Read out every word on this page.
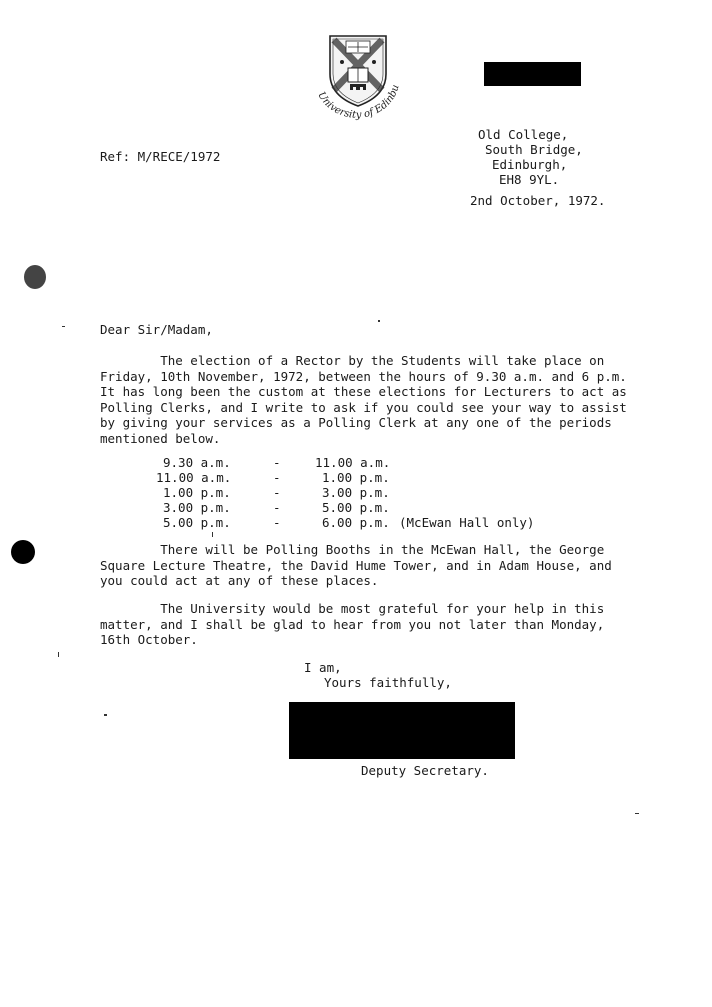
University of Edinbu
Old College,
South Bridge,
Edinburgh,
EH8 9YL.
Ref: M/RECE/1972
2nd October, 1972.
Dear Sir/Madam,
The election of a Rector by the Students will take place on
Friday, 10th November, 1972, between the hours of 9.30 a.m. and 6 p.m.
It has long been the custom at these elections for Lecturers to act as
Polling Clerks, and I write to ask if you could see your way to assist
by giving your services as a Polling Clerk at any one of the periods
mentioned below.
9.30 a.m.	-	11.00 a.m.
11.00 a.m.	-	1.00 p.m.
1.00 p.m.	-	3.00 p.m.
3.00 p.m.	-	5.00 p.m.
5.00 p.m.	-	6.00 p.m. (McEwan Hall only)
There will be Polling Booths in the McEwan Hall, the George
Square Lecture Theatre, the David Hume Tower, and in Adam House, and
you could act at any of these places.
The University would be most grateful for your help in this
matter, and I shall be glad to hear from you not later than Monday,
16th October.
I am,
Yours faithfully,
Deputy Secretary.
